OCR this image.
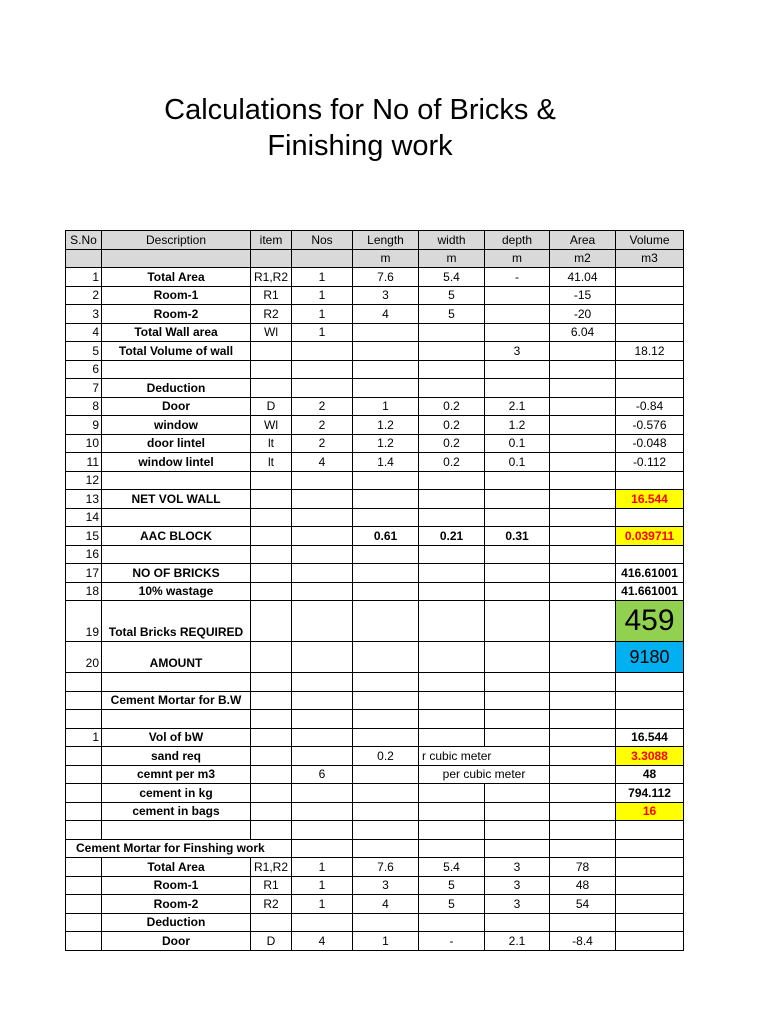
Calculations for No of Bricks &
Finishing work
S.No	Description	item	Nos	Length	width	depth	Area	Volume
				m	m	m	m2	m3
1	Total Area	R1,R2	1	7.6	5.4	-	41.04	
2	Room-1	R1	1	3	5		-15	
3	Room-2	R2	1	4	5		-20	
4	Total Wall area	Wl	1				6.04	
5	Total Volume of wall					3		18.12
6								
7	Deduction							
8	Door	D	2	1	0.2	2.1		-0.84
9	window	Wl	2	1.2	0.2	1.2		-0.576
10	door lintel	lt	2	1.2	0.2	0.1		-0.048
11	window lintel	lt	4	1.4	0.2	0.1		-0.112
12								
13	NET VOL WALL							16.544
14								
15	AAC BLOCK			0.61	0.21	0.31		0.039711
16								
17	NO OF BRICKS							416.61001
18	10% wastage							41.661001
19	Total Bricks REQUIRED							459
20	AMOUNT							9180

	Cement Mortar for B.W							

1	Vol of bW							16.544
	sand req			0.2	r cubic meter			3.3088
	cemnt per m3		6		per cubic meter			48
	cement in kg							794.112
	cement in bags							16

Cement Mortar for Finshing work								
	Total Area	R1,R2	1	7.6	5.4	3	78	
	Room-1	R1	1	3	5	3	48	
	Room-2	R2	1	4	5	3	54	
	Deduction							
	Door	D	4	1	-	2.1	-8.4	
